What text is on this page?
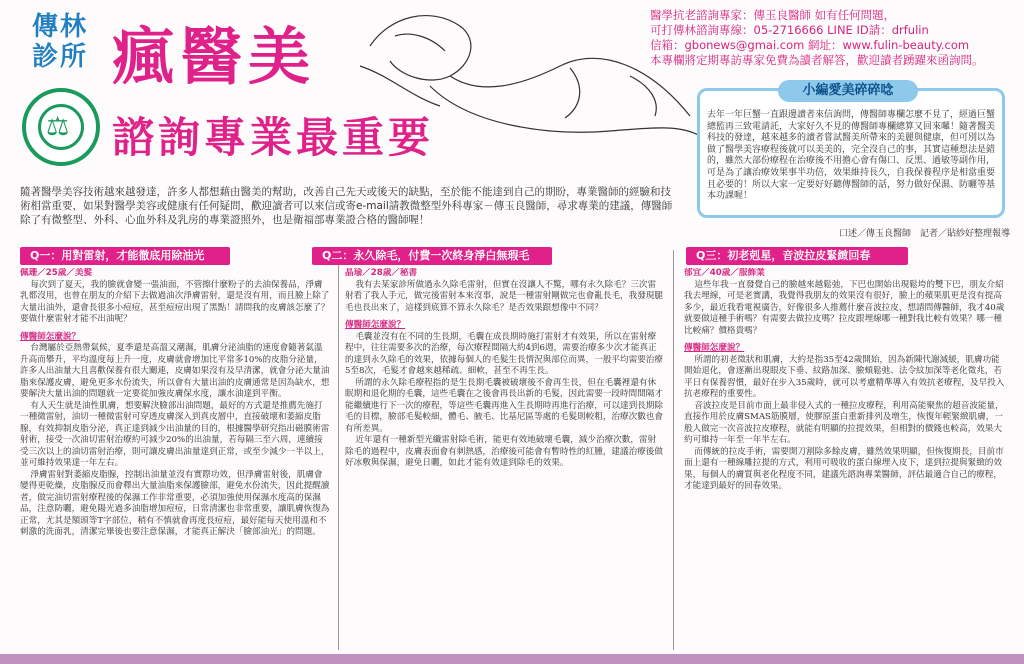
傳林
診所
⚖
瘋醫美
諮詢專業最重要
醫學抗老諮詢專家：傳玉良醫師 如有任何問題，
可打傳林諮詢專線：05-2716666 LINE ID請：drfulin
信箱：gbonews@gmai.com 網址：www.fulin-beauty.com
本專欄將定期專訪專家免費為讀者解答，歡迎讀者踴躍來函詢問。
小編愛美碎碎唸
去年一年巨蟹一直跟邊讀者來信詢問，傳醫師專欄怎麼不見了，經過巨蟹總監再三致電請託，大家好久不見的傳醫師專欄總算又回來囉！隨著醫美科技的發達，越來越多的讀者嘗試醫美所帶來的美麗與健康，但可別以為做了醫學美容療程後就可以美美的，完全沒自己的事，其實這種想法是錯的，雖然大部份療程在治療後不用擔心會有傷口、反黑、過敏等副作用，可是為了讓治療效果事半功倍，效果維持長久，自我保養程序是相當重要且必要的！所以大家一定要好好聽傳醫師的話，努力做好保濕、防曬等基本功課喔！
隨著醫學美容技術越來越發達，許多人都想藉由醫美的幫助，改善自己先天或後天的缺點，至於能不能達到自己的期盼，專業醫師的經驗和技術相當重要，如果對醫學美容或健康有任何疑問，歡迎讀者可以來信或寄e-mail請教微整型外科專家－傳玉良醫師，尋求專業的建議，傳醫師除了有微整型、外科、心血外科及乳房的專業證照外，也是衛福部專業證合格的醫師喔！
口述／傳玉良醫師　記者／貼紗好整理報導
Q一：用對雷射，才能徹底用除油光

佩珊／25歲／美髮

每次到了夏天，我的臉就會變一張油面，不管擦什麼粉子的去油保養品，淨膚乳都沒用，也曾在朋友的介紹下去做過油次淨膚雷射，還是沒有用，而且臉上除了大量出油外，還會長很多小痘痘，甚至痘痘出現了黑點！請問我的皮膚該怎麼了？要做什麼雷射才能不出油呢？

傳醫師怎麼說？

台灣屬於亞熱帶氣候，夏季還是高溫又潮濕，肌膚分泌油脂的速度會隨著氣溫升高而攀升，平均溫度每上升一度，皮膚就會增加比平常多10%的皮脂分泌量，許多人出油量大且喜歡保養有很大關連，皮膚如果沒有及早清潔，就會分泌大量油脂來保護皮膚，避免更多水份流失，所以會有大量出油的皮膚通常是因為缺水，想要解決大量出油的問題就一定要從加強皮膚保水度，讓水油達到平衡。

有人天生就是油性肌膚，想要解決臉部出油問題，最好的方式還是推薦先施打一種微雷射，油切一種微雷射可穿透皮膚深入到真皮層中，直接破壞和萎縮皮脂腺，有效抑制皮脂分泌，真正達到減少出油量的目的，根據醫學研究指出磁膜術雷射術，接受一次油切雷射治療約可減少20%的出油量，若每隔三至六周，連續接受三次以上的油切雷射治療，則可讓皮膚出油量達到正常，或至少減少一半以上，並可維持效果達一年左右。

淨膚雷射對萎縮皮脂腺，控制出油量並沒有實際功效，但淨膚雷射後，肌膚會變得更乾燥，皮脂腺反而會釋出大量油脂來保護臉部，避免水份流失，因此提醒讀者，做完油切雷射療程後的保濕工作非常重要，必須加強使用保濕水度高的保濕品，注意防曬，避免陽光過多油脂增加痘痘，日常清潔也非常重要，讓肌膚恢復為正常，尤其是額頭等T字部位，稍有不慎就會再度長痘痘，最好能每天使用溫和不刺激的洗面乳，清潔完畢後也要注意保濕，才能真正解決「臉部油光」的問題。

Q二：永久除毛，付費一次終身淨白無瑕毛

晶瑜／28歲／秘書

我有去某家診所做過永久除毛雷射，但實在沒讓人不驚，哪有永久除毛？三次雷射看了我人手元，做完後雷射本來沒事，說是一種雷射剛做完也會亂長毛，我發現腿毛也長出來了，這樣到底算不算永久除毛？是否效果跟想像中不同？

傳醫師怎麼說？

毛囊並沒有在不同的生長期，毛囊在成長期時施打雷射才有效果，所以在雷射療程中，往往需要多次的治療，每次療程間隔大約4到6週，需要治療多少次才能真正的達到永久除毛的效果，依據每個人的毛髮生長情況與部位而異，一般平均需要治療5至8次，毛髮才會越來越稀疏、細軟，甚至不再生長。

所謂的永久除毛療程指的是生長期毛囊被破壞後不會再生長，但在毛囊裡還有休眠期和退化期的毛囊，這些毛囊在之後會再長出新的毛髮，因此需要一段時間間隔才能繼續進行下一次的療程，等這些毛囊再進入生長期時再進行治療，可以達到長期除毛的目標，臉部毛髮較細，體毛、腋毛、比基尼區等處的毛髮則較粗，治療次數也會有所差異。

近年還有一種新型光纖雷射除毛術，能更有效地破壞毛囊，減少治療次數，雷射除毛的過程中，皮膚表面會有刺熱感，治療後可能會有暫時性的紅腫，建議治療後做好冰敷與保濕，避免日曬，如此才能有效達到除毛的效果。

Q三：初老剋星，音波拉皮緊緻回春

郁宜／40歲／服飾業

這些年我一直發覺自己的臉越來越鬆弛，下巴也開始出現鬆垮的雙下巴，朋友介紹我去埋線，可是老實講，我覺得我朋友的效果沒有很好，臉上的蘋果肌更是沒有提高多少，最近我看電視廣告，好像很多人推薦什麼音波拉皮，想請問傳醫師，我才40歲就要做這種手術嗎？有需要去做拉皮嗎？拉皮跟埋線哪一種對我比較有效果？哪一種比較痛？價格貴嗎？

傳醫師怎麼說？

所謂的初老徵狀和肌膚，大約是指35至42歲開始，因為新陳代謝減緩，肌膚功能開始退化，會逐漸出現眼皮下垂、紋路加深、臉頰鬆弛、法令紋加深等老化徵兆，若平日有保養習慣，最好在步入35歲時，就可以考慮精準導入有效抗老療程，及早投入抗老療程的重要性。

音波拉皮是目前市面上最非侵入式的一種拉皮療程，利用高能聚焦的超音波能量，直接作用於皮膚SMAS筋膜層，使膠原蛋白重新排列及增生，恢復年輕緊緻肌膚，一般人做完一次音波拉皮療程，就能有明顯的拉提效果，但相對的價錢也較高，效果大約可維持一年至一年半左右。

而傳統的拉皮手術，需要開刀割除多餘皮膚，雖然效果明顯，但恢復期長，目前市面上還有一種線雕拉提的方式，利用可吸收的蛋白線埋入皮下，達到拉提與緊緻的效果，每個人的膚質與老化程度不同，建議先諮詢專業醫師，評估最適合自己的療程，才能達到最好的回春效果。
